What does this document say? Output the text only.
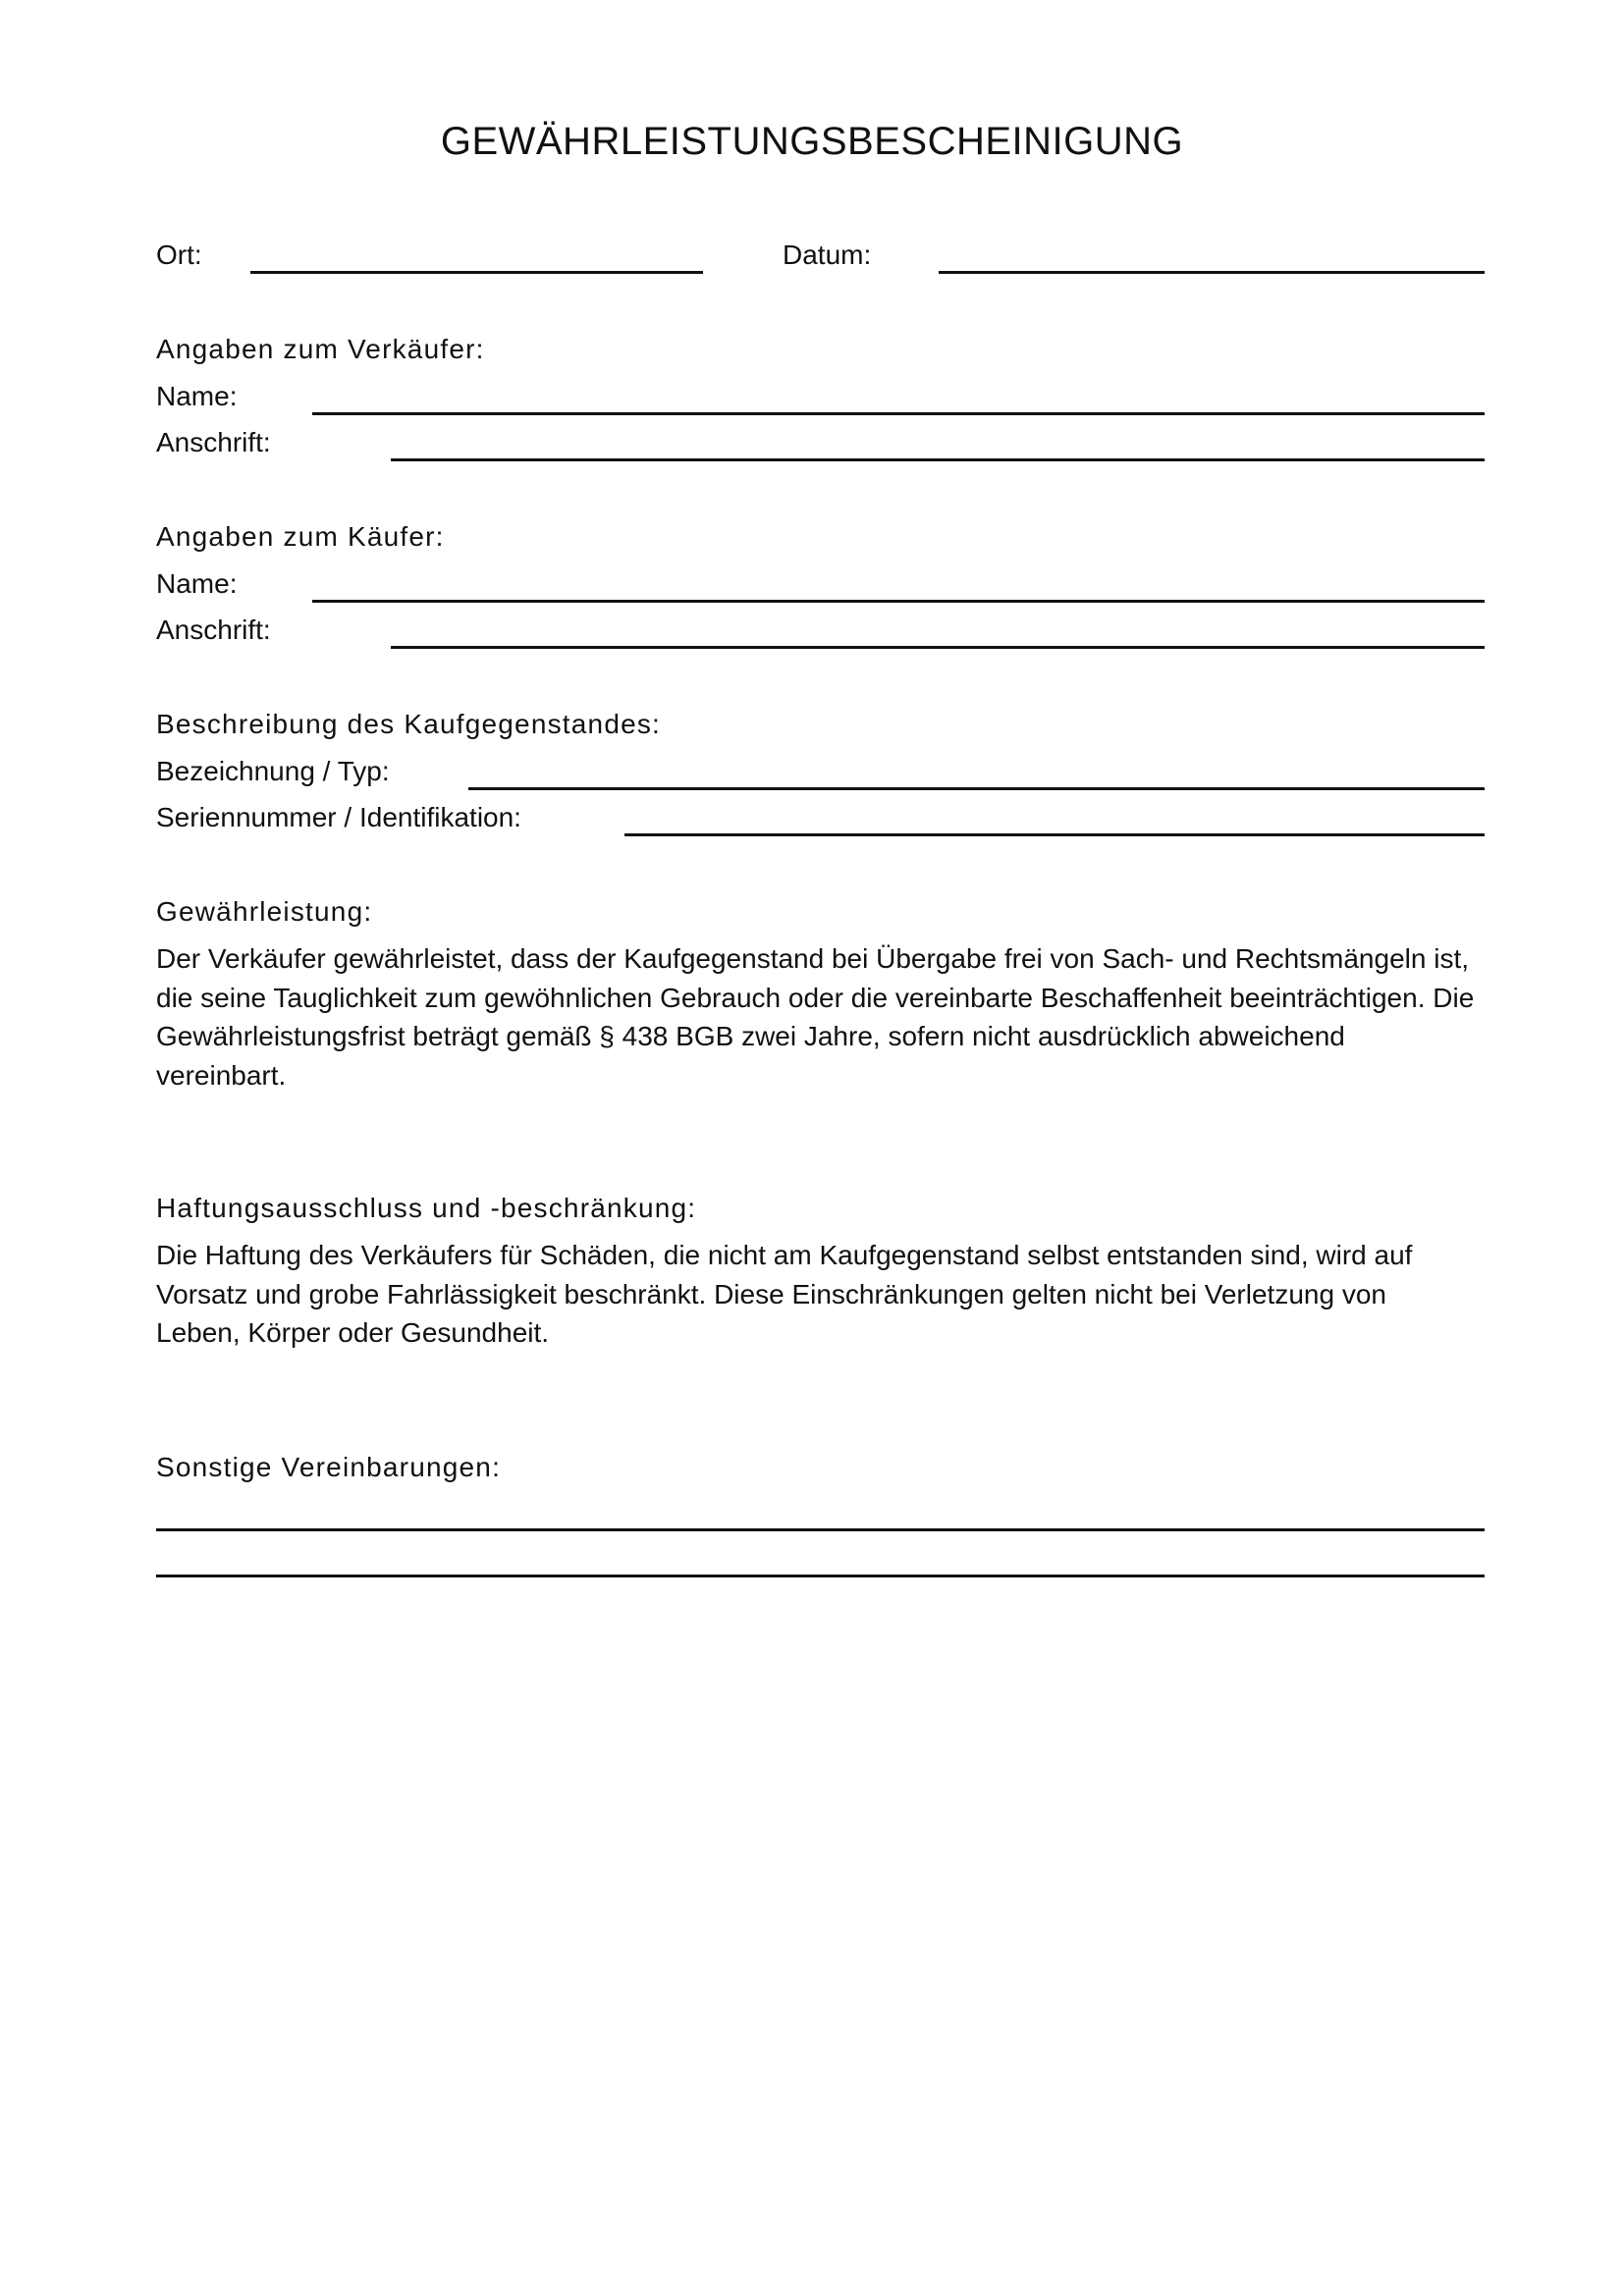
GEWÄHRLEISTUNGSBESCHEINIGUNG
Ort:	Datum:
Angaben zum Verkäufer:
Name:
Anschrift:
Angaben zum Käufer:
Name:
Anschrift:
Beschreibung des Kaufgegenstandes:
Bezeichnung / Typ:
Seriennummer / Identifikation:
Gewährleistung:
Der Verkäufer gewährleistet, dass der Kaufgegenstand bei Übergabe frei von Sach- und Rechtsmängeln ist,
die seine Tauglichkeit zum gewöhnlichen Gebrauch oder die vereinbarte Beschaffenheit beeinträchtigen. Die
Gewährleistungsfrist beträgt gemäß § 438 BGB zwei Jahre, sofern nicht ausdrücklich abweichend
vereinbart.
Haftungsausschluss und -beschränkung:
Die Haftung des Verkäufers für Schäden, die nicht am Kaufgegenstand selbst entstanden sind, wird auf
Vorsatz und grobe Fahrlässigkeit beschränkt. Diese Einschränkungen gelten nicht bei Verletzung von
Leben, Körper oder Gesundheit.
Sonstige Vereinbarungen:
